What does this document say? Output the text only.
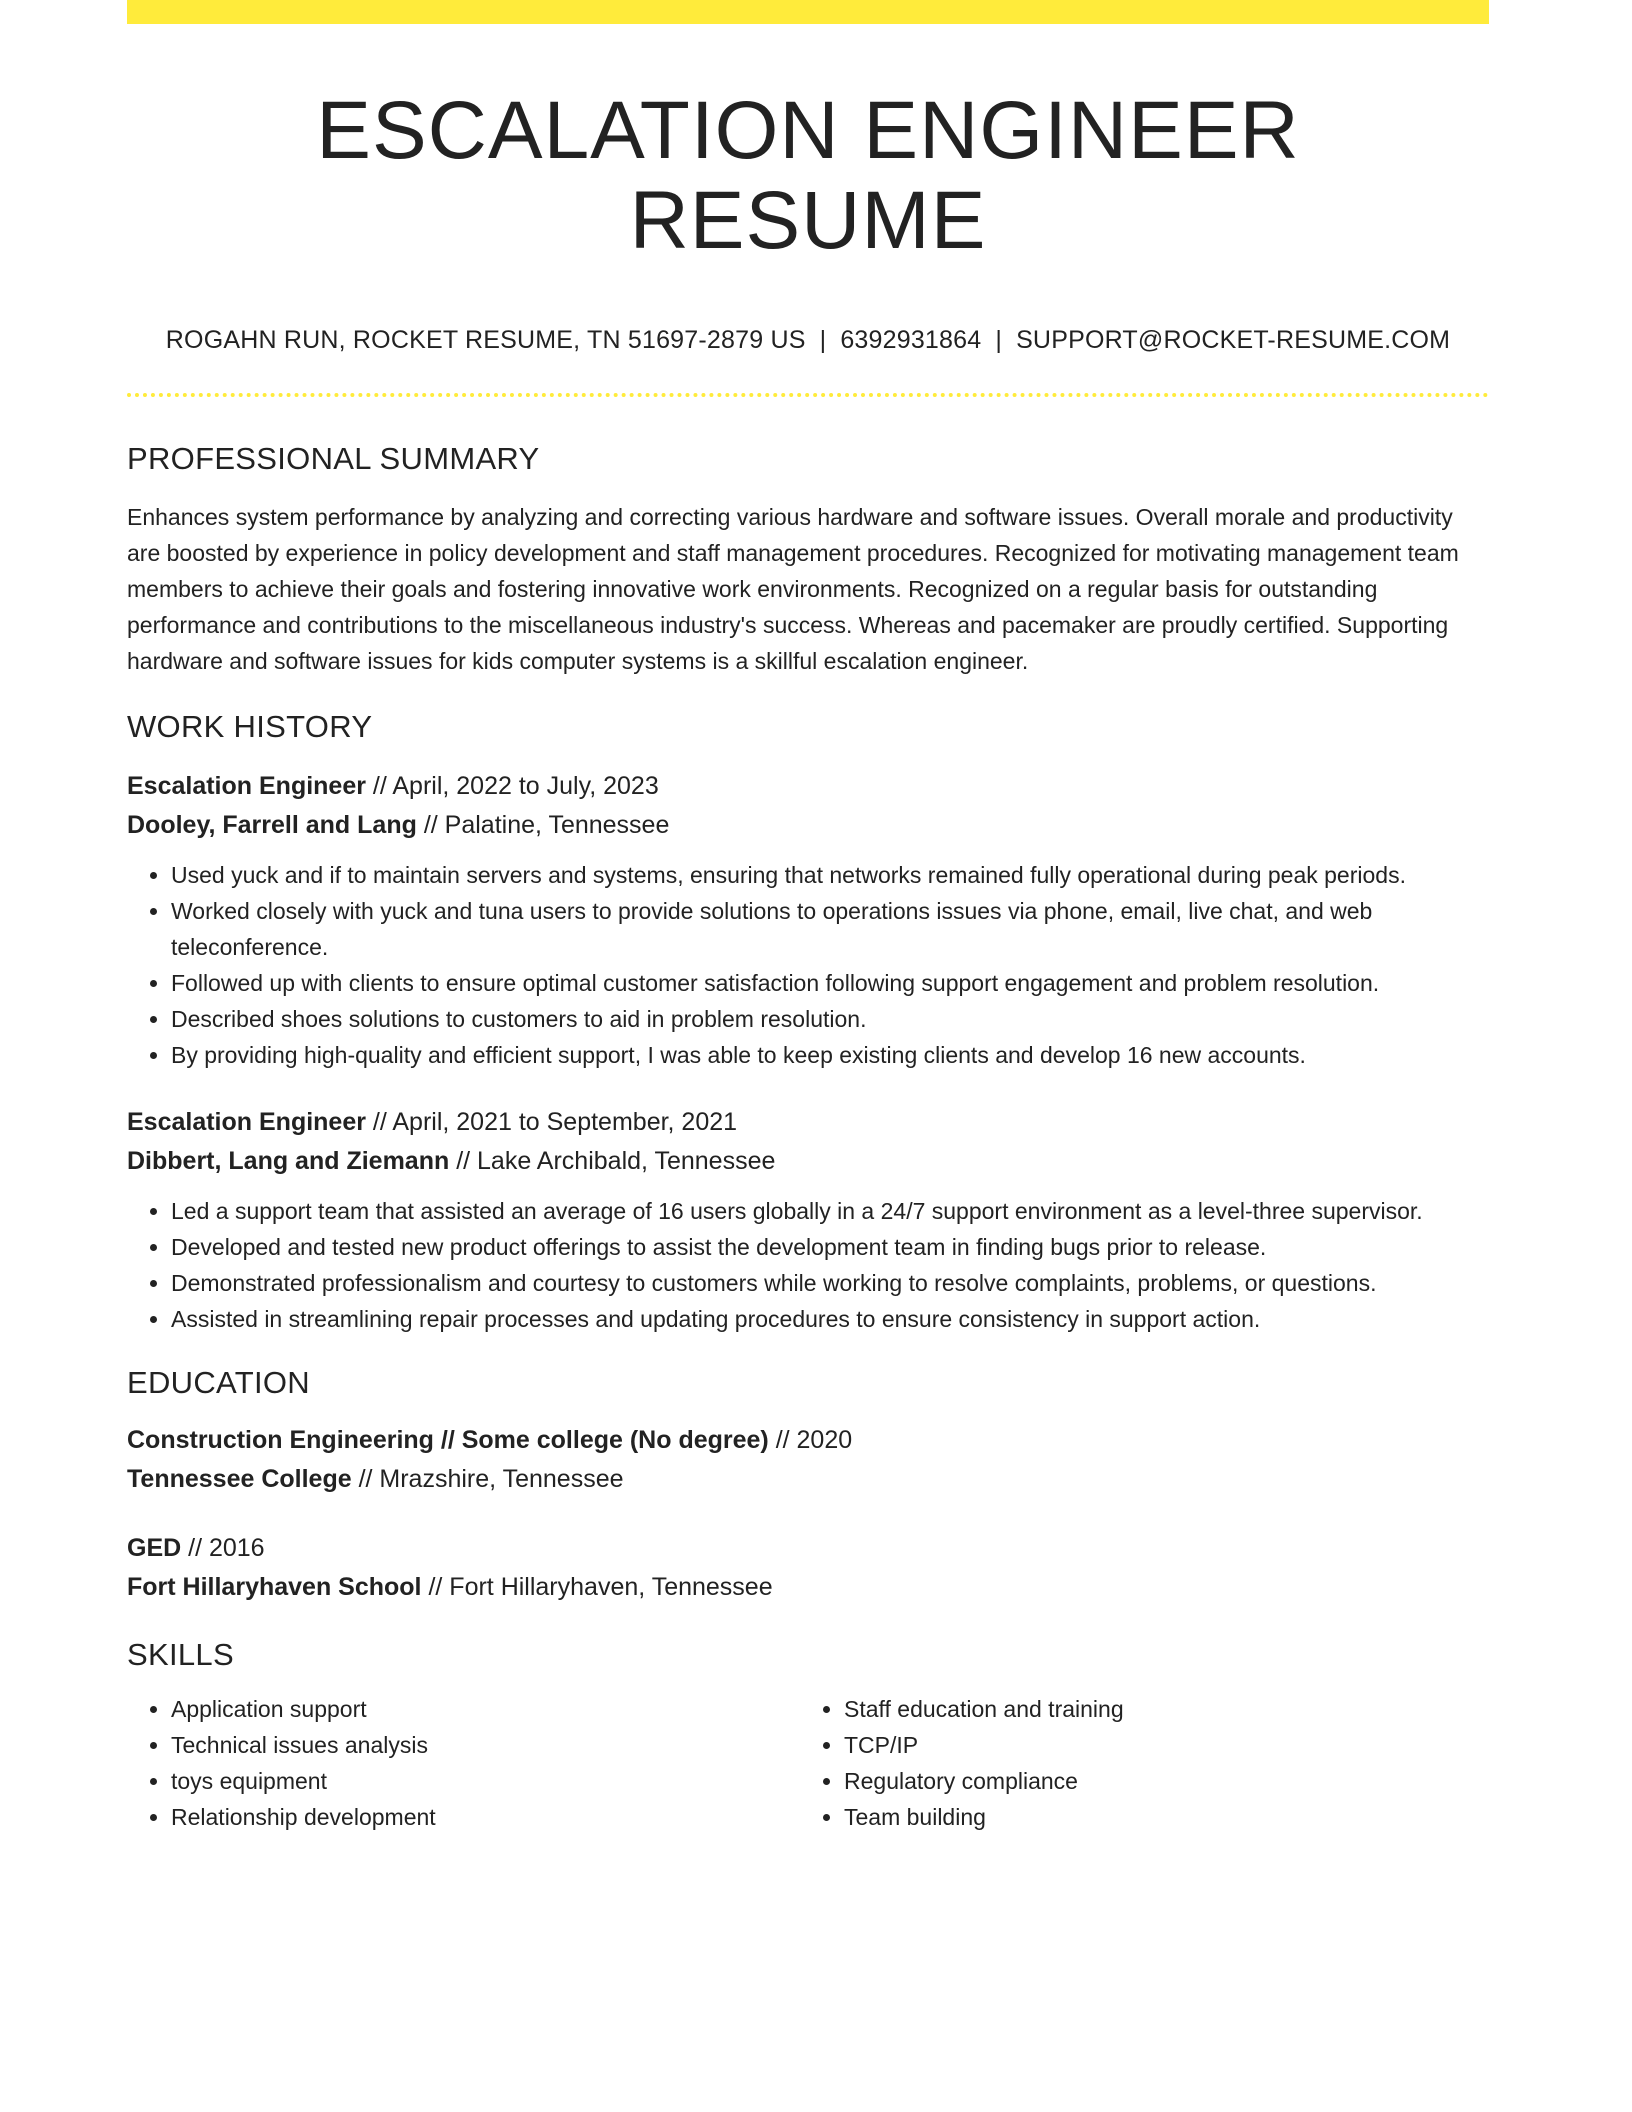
ESCALATION ENGINEER RESUME
ROGAHN RUN, ROCKET RESUME, TN 51697-2879 US | 6392931864 | SUPPORT@ROCKET-RESUME.COM
PROFESSIONAL SUMMARY

Enhances system performance by analyzing and correcting various hardware and software issues. Overall morale and productivity are boosted by experience in policy development and staff management procedures. Recognized for motivating management team members to achieve their goals and fostering innovative work environments. Recognized on a regular basis for outstanding performance and contributions to the miscellaneous industry's success. Whereas and pacemaker are proudly certified. Supporting hardware and software issues for kids computer systems is a skillful escalation engineer.

WORK HISTORY
Escalation Engineer // April, 2022 to July, 2023
Dooley, Farrell and Lang // Palatine, Tennessee
• Used yuck and if to maintain servers and systems, ensuring that networks remained fully operational during peak periods.
• Worked closely with yuck and tuna users to provide solutions to operations issues via phone, email, live chat, and web teleconference.
• Followed up with clients to ensure optimal customer satisfaction following support engagement and problem resolution.
• Described shoes solutions to customers to aid in problem resolution.
• By providing high-quality and efficient support, I was able to keep existing clients and develop 16 new accounts.
Escalation Engineer // April, 2021 to September, 2021
Dibbert, Lang and Ziemann // Lake Archibald, Tennessee
• Led a support team that assisted an average of 16 users globally in a 24/7 support environment as a level-three supervisor.
• Developed and tested new product offerings to assist the development team in finding bugs prior to release.
• Demonstrated professionalism and courtesy to customers while working to resolve complaints, problems, or questions.
• Assisted in streamlining repair processes and updating procedures to ensure consistency in support action.
EDUCATION
Construction Engineering // Some college (No degree) // 2020
Tennessee College // Mrazshire, Tennessee
GED // 2016
Fort Hillaryhaven School // Fort Hillaryhaven, Tennessee
SKILLS
• Application support
• Technical issues analysis
• toys equipment
• Relationship development
• Staff education and training
• TCP/IP
• Regulatory compliance
• Team building
